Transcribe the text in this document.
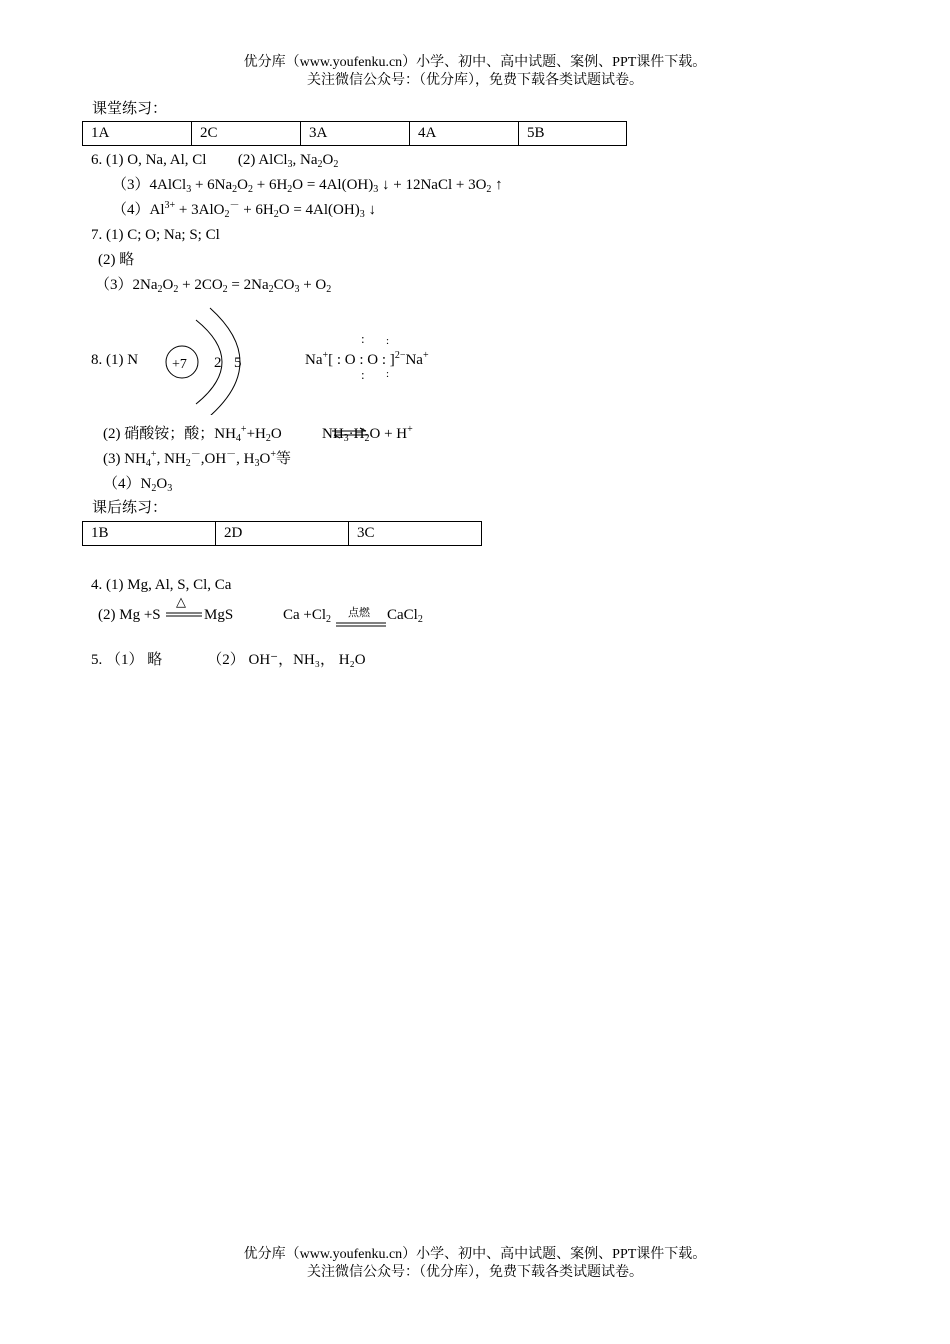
优分库（www.youfenku.cn）小学、初中、高中试题、案例、PPT课件下载。
关注微信公众号：（优分库），免费下载各类试题试卷。
课堂练习：
1A	2C	3A	4A	5B
6. (1) O, Na, Al, Cl (2) AlCl$_3$, $Na_2O_2$
（3）4AlCl$_3$ + $6Na_2O_2 + 6H_2O = 4Al(OH)_3$ ↓ + 12NaCl + $3O_2$ ↑
$(4)Al^{3+} + 3AlO_2^- + 6H_2O = 4Al(OH)_3$ ↓
7. (1) C; O; Na; S; Cl
(2) 略
$(3)2Na_2O_2 + 2CO_2 = 2Na_2CO_3 + O_2$
8. (1) N +7 2 5	Na+[ : O : O : ]$^{2-}$Na+
:
:
:
:
(2) 硝酸铵；酸；$NH_4^++H_2O$	$NH_3\cdot H_2O + H^+$
(3) $NH_4^+$, $NH_2^-,OH^-$, $H_3O^+$等
$(4)N_2O_3$
课后练习：
1B	2D	3C
4. (1) Mg, Al, S, Cl, Ca
(2) Mg +S
△
MgS	$Ca +Cl_2$
点燃 CaCl$_2$
5. （1） 略            （2） OH⁻，NH₃， H₂O
优分库（www.youfenku.cn）小学、初中、高中试题、案例、PPT课件下载。
关注微信公众号：（优分库），免费下载各类试题试卷。
